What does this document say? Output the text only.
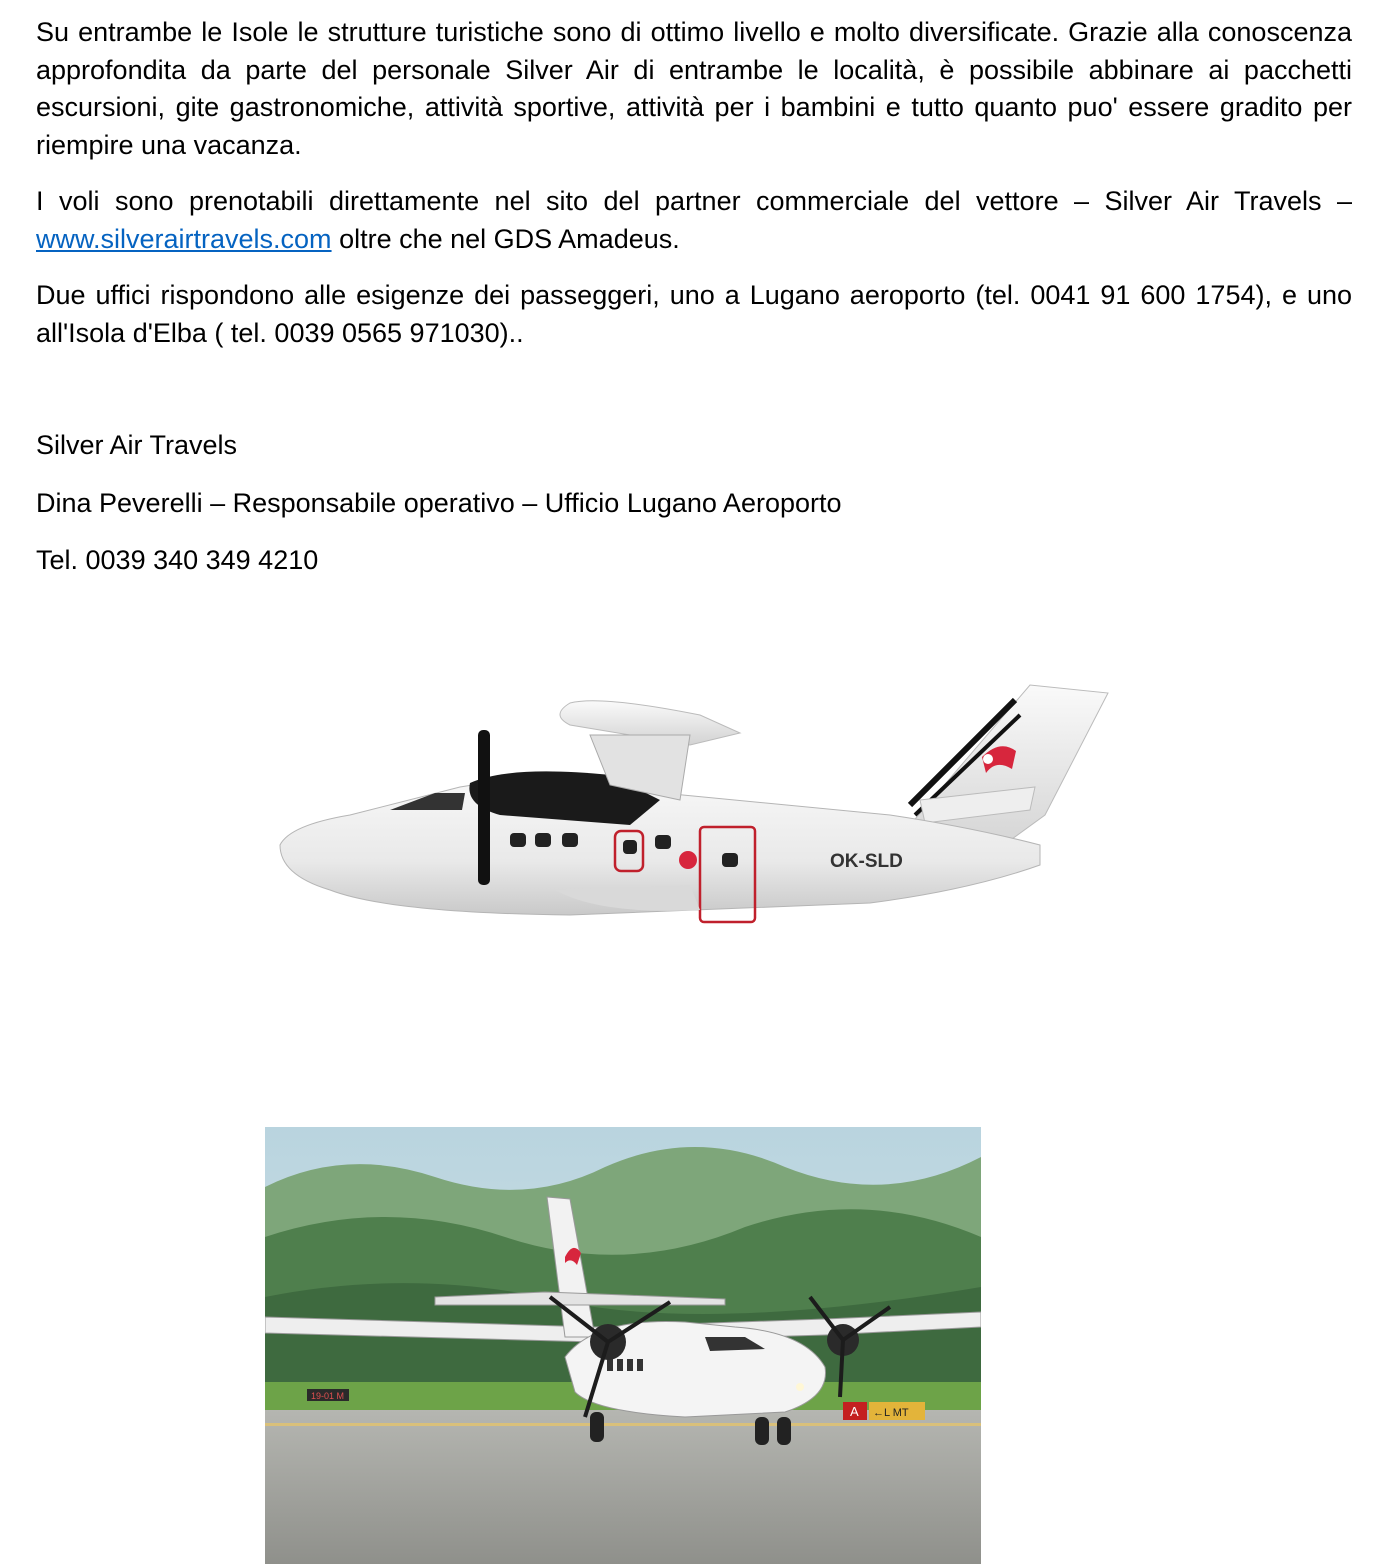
Su entrambe le Isole le strutture turistiche sono di ottimo livello e molto diversificate. Grazie alla conoscenza approfondita da parte del personale Silver Air di entrambe le località, è possibile abbinare ai pacchetti escursioni, gite gastronomiche, attività sportive, attività per i bambini e tutto quanto puo' essere gradito per riempire una vacanza.

I voli sono prenotabili direttamente nel sito del partner commerciale del vettore – Silver Air Travels – www.silverairtravels.com oltre che nel GDS Amadeus.

Due uffici rispondono alle esigenze dei passeggeri, uno a Lugano aeroporto (tel. 0041 91 600 1754), e uno all'Isola d'Elba ( tel. 0039 0565 971030)..

Silver Air Travels

Dina Peverelli – Responsabile operativo – Ufficio Lugano Aeroporto

Tel. 0039 340 349 4210

OK-SLD
19-01 M
A ←L MT
